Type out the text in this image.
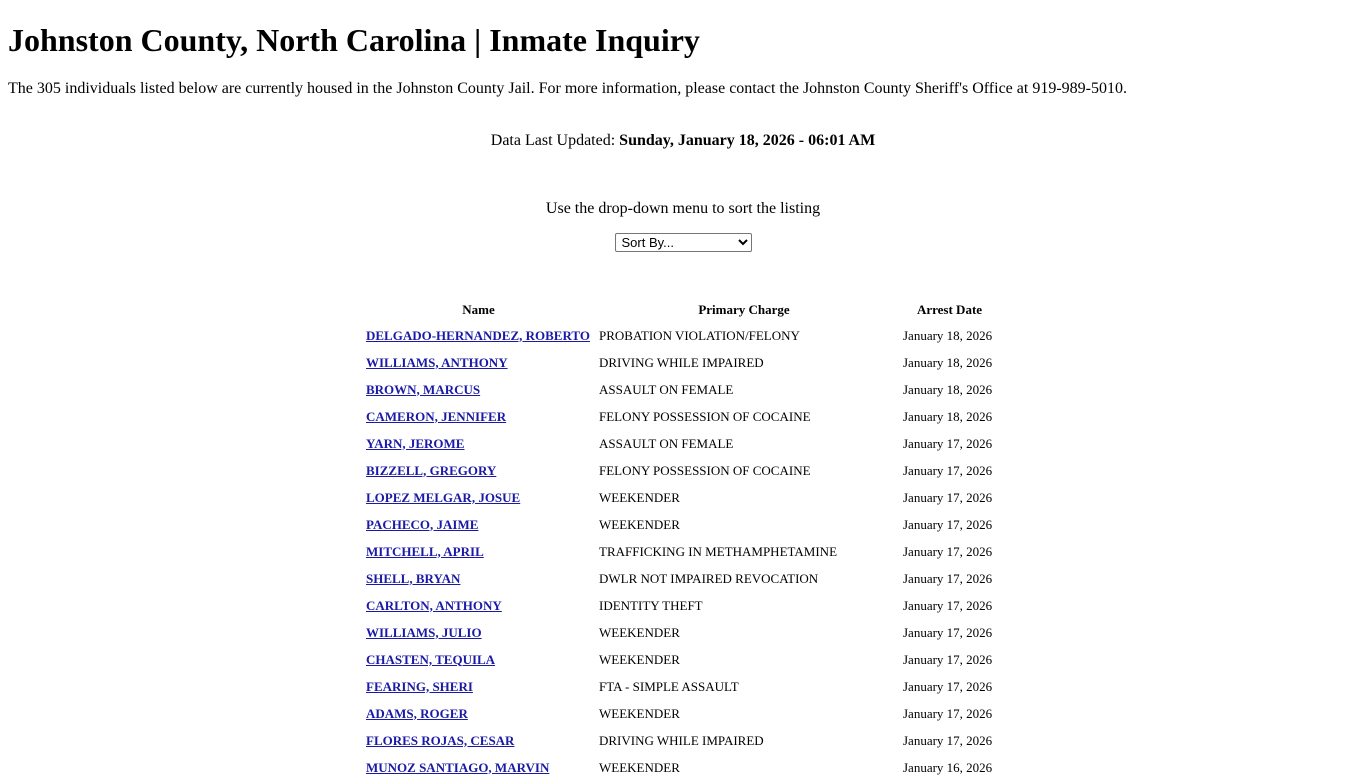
Johnston County, North Carolina | Inmate Inquiry

The 305 individuals listed below are currently housed in the Johnston County Jail. For more information, please contact the Johnston County Sheriff's Office at 919-989-5010.

Data Last Updated: Sunday, January 18, 2026 - 06:01 AM
Use the drop-down menu to sort the listing
Sort By...
Name	Primary Charge	Arrest Date
DELGADO-HERNANDEZ, ROBERTO	PROBATION VIOLATION/FELONY	January 18, 2026
WILLIAMS, ANTHONY	DRIVING WHILE IMPAIRED	January 18, 2026
BROWN, MARCUS	ASSAULT ON FEMALE	January 18, 2026
CAMERON, JENNIFER	FELONY POSSESSION OF COCAINE	January 18, 2026
YARN, JEROME	ASSAULT ON FEMALE	January 17, 2026
BIZZELL, GREGORY	FELONY POSSESSION OF COCAINE	January 17, 2026
LOPEZ MELGAR, JOSUE	WEEKENDER	January 17, 2026
PACHECO, JAIME	WEEKENDER	January 17, 2026
MITCHELL, APRIL	TRAFFICKING IN METHAMPHETAMINE	January 17, 2026
SHELL, BRYAN	DWLR NOT IMPAIRED REVOCATION	January 17, 2026
CARLTON, ANTHONY	IDENTITY THEFT	January 17, 2026
WILLIAMS, JULIO	WEEKENDER	January 17, 2026
CHASTEN, TEQUILA	WEEKENDER	January 17, 2026
FEARING, SHERI	FTA - SIMPLE ASSAULT	January 17, 2026
ADAMS, ROGER	WEEKENDER	January 17, 2026
FLORES ROJAS, CESAR	DRIVING WHILE IMPAIRED	January 17, 2026
MUNOZ SANTIAGO, MARVIN	WEEKENDER	January 16, 2026
